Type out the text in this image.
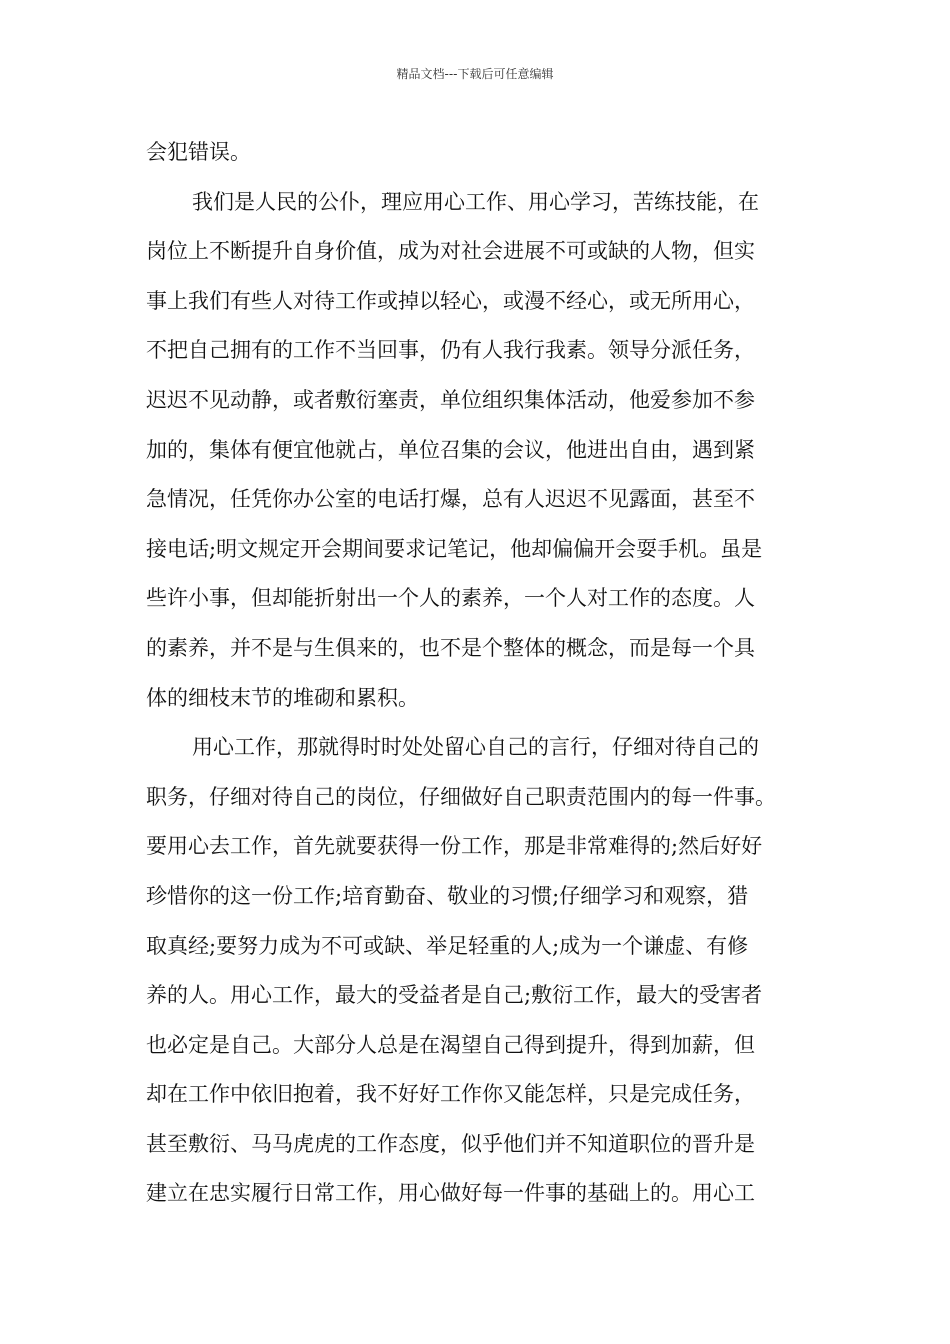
精品文档---下载后可任意编辑
会犯错误。
我们是人民的公仆，理应用心工作、用心学习，苦练技能，在
岗位上不断提升自身价值，成为对社会进展不可或缺的人物，但实
事上我们有些人对待工作或掉以轻心，或漫不经心，或无所用心，
不把自己拥有的工作不当回事，仍有人我行我素。领导分派任务，
迟迟不见动静，或者敷衍塞责，单位组织集体活动，他爱参加不参
加的，集体有便宜他就占，单位召集的会议，他进出自由，遇到紧
急情况，任凭你办公室的电话打爆，总有人迟迟不见露面，甚至不
接电话;明文规定开会期间要求记笔记，他却偏偏开会耍手机。虽是
些许小事，但却能折射出一个人的素养，一个人对工作的态度。人
的素养，并不是与生俱来的，也不是个整体的概念，而是每一个具
体的细枝末节的堆砌和累积。
用心工作，那就得时时处处留心自己的言行，仔细对待自己的
职务，仔细对待自己的岗位，仔细做好自己职责范围内的每一件事。
要用心去工作，首先就要获得一份工作，那是非常难得的;然后好好
珍惜你的这一份工作;培育勤奋、敬业的习惯;仔细学习和观察，猎
取真经;要努力成为不可或缺、举足轻重的人;成为一个谦虚、有修
养的人。用心工作，最大的受益者是自己;敷衍工作，最大的受害者
也必定是自己。大部分人总是在渴望自己得到提升，得到加薪，但
却在工作中依旧抱着，我不好好工作你又能怎样，只是完成任务，
甚至敷衍、马马虎虎的工作态度，似乎他们并不知道职位的晋升是
建立在忠实履行日常工作，用心做好每一件事的基础上的。用心工
